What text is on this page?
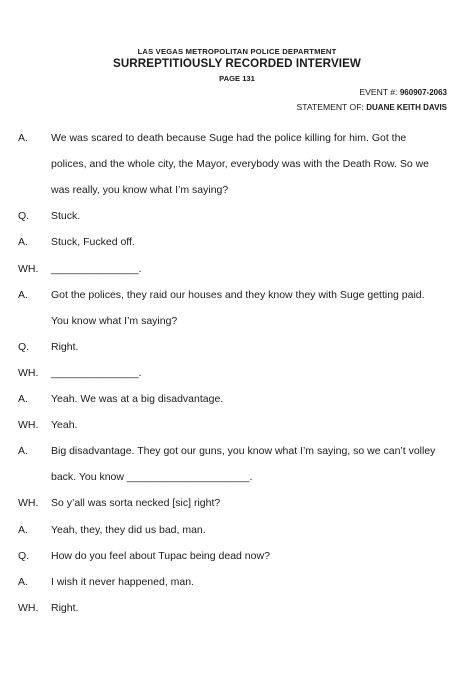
LAS VEGAS METROPOLITAN POLICE DEPARTMENT
SURREPTITIOUSLY RECORDED INTERVIEW
PAGE 131
EVENT #: 960907-2063
STATEMENT OF: DUANE KEITH DAVIS
A. We was scared to death because Suge had the police killing for him. Got the
polices, and the whole city, the Mayor, everybody was with the Death Row. So we
was really, you know what I’m saying?
Q. Stuck.
A. Stuck, Fucked off.
WH. _______________.
A. Got the polices, they raid our houses and they know they with Suge getting paid.
You know what I’m saying?
Q. Right.
WH. _______________.
A. Yeah. We was at a big disadvantage.
WH. Yeah.
A. Big disadvantage. They got our guns, you know what I’m saying, so we can’t volley
back. You know _____________________.
WH. So y’all was sorta necked [sic] right?
A. Yeah, they, they did us bad, man.
Q. How do you feel about Tupac being dead now?
A. I wish it never happened, man.
WH. Right.
